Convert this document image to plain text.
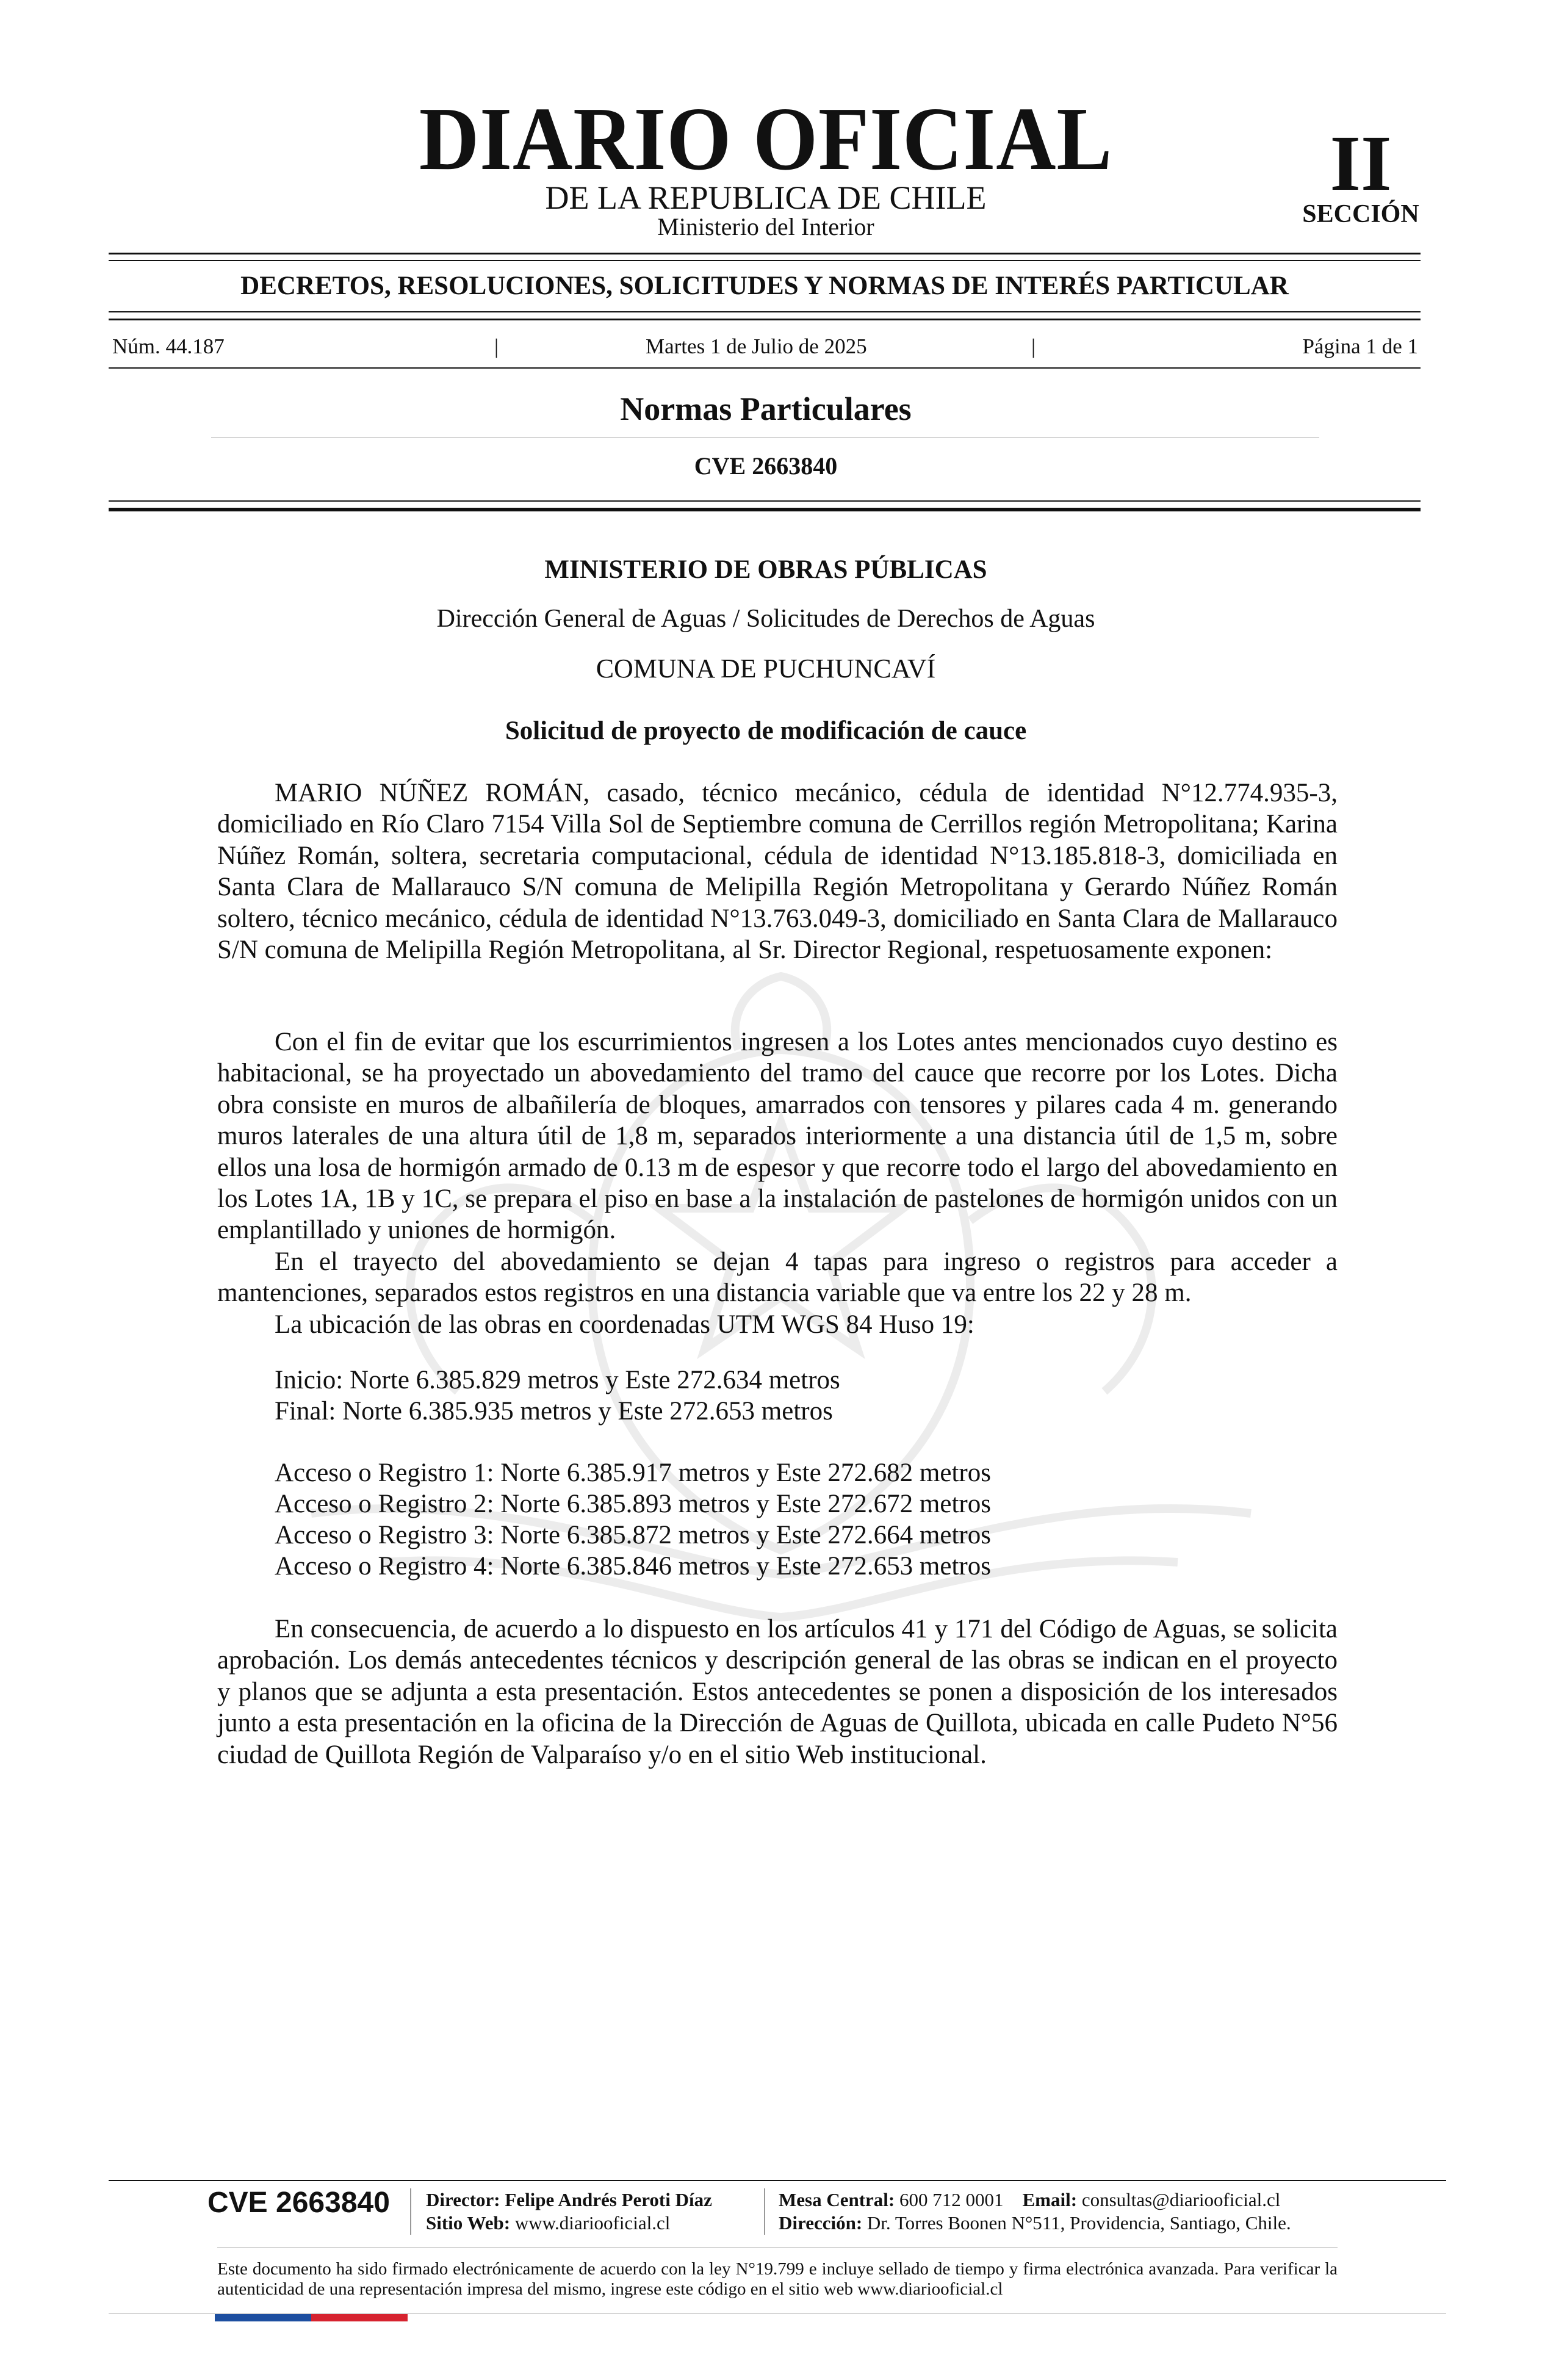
DIARIO OFICIAL
DE LA REPUBLICA DE CHILE
Ministerio del Interior
II
SECCIÓN
DECRETOS, RESOLUCIONES, SOLICITUDES Y NORMAS DE INTERÉS PARTICULAR
Núm. 44.187	|	Martes 1 de Julio de 2025	|	Página 1 de 1
Normas Particulares
CVE 2663840
MINISTERIO DE OBRAS PÚBLICAS
Dirección General de Aguas / Solicitudes de Derechos de Aguas
COMUNA DE PUCHUNCAVÍ
Solicitud de proyecto de modificación de cauce

MARIO NÚÑEZ ROMÁN, casado, técnico mecánico, cédula de identidad N°12.774.935-3, domiciliado en Río Claro 7154 Villa Sol de Septiembre comuna de Cerrillos región Metropolitana; Karina Núñez Román, soltera, secretaria computacional, cédula de identidad N°13.185.818-3, domiciliada en Santa Clara de Mallarauco S/N comuna de Melipilla Región Metropolitana y Gerardo Núñez Román soltero, técnico mecánico, cédula de identidad N°13.763.049-3, domiciliado en Santa Clara de Mallarauco S/N comuna de Melipilla Región Metropolitana, al Sr. Director Regional, respetuosamente exponen:

Con el fin de evitar que los escurrimientos ingresen a los Lotes antes mencionados cuyo destino es habitacional, se ha proyectado un abovedamiento del tramo del cauce que recorre por los Lotes. Dicha obra consiste en muros de albañilería de bloques, amarrados con tensores y pilares cada 4 m. generando muros laterales de una altura útil de 1,8 m, separados interiormente a una distancia útil de 1,5 m, sobre ellos una losa de hormigón armado de 0.13 m de espesor y que recorre todo el largo del abovedamiento en los Lotes 1A, 1B y 1C, se prepara el piso en base a la instalación de pastelones de hormigón unidos con un emplantillado y uniones de hormigón.

En el trayecto del abovedamiento se dejan 4 tapas para ingreso o registros para acceder a mantenciones, separados estos registros en una distancia variable que va entre los 22 y 28 m.

La ubicación de las obras en coordenadas UTM WGS 84 Huso 19:

Inicio: Norte 6.385.829 metros y Este 272.634 metros
Final: Norte 6.385.935 metros y Este 272.653 metros
Acceso o Registro 1: Norte 6.385.917 metros y Este 272.682 metros
Acceso o Registro 2: Norte 6.385.893 metros y Este 272.672 metros
Acceso o Registro 3: Norte 6.385.872 metros y Este 272.664 metros
Acceso o Registro 4: Norte 6.385.846 metros y Este 272.653 metros

En consecuencia, de acuerdo a lo dispuesto en los artículos 41 y 171 del Código de Aguas, se solicita aprobación. Los demás antecedentes técnicos y descripción general de las obras se indican en el proyecto y planos que se adjunta a esta presentación. Estos antecedentes se ponen a disposición de los interesados junto a esta presentación en la oficina de la Dirección de Aguas de Quillota, ubicada en calle Pudeto N°56 ciudad de Quillota Región de Valparaíso y/o en el sitio Web institucional.

CVE 2663840 Director: Felipe Andrés Peroti Díaz
Sitio Web: www.diariooficial.cl
Mesa Central: 600 712 0001 Email: consultas@diariooficial.cl
Dirección: Dr. Torres Boonen N°511, Providencia, Santiago, Chile.
Este documento ha sido firmado electrónicamente de acuerdo con la ley N°19.799 e incluye sellado de tiempo y firma electrónica avanzada. Para verificar la autenticidad de una representación impresa del mismo, ingrese este código en el sitio web www.diariooficial.cl
